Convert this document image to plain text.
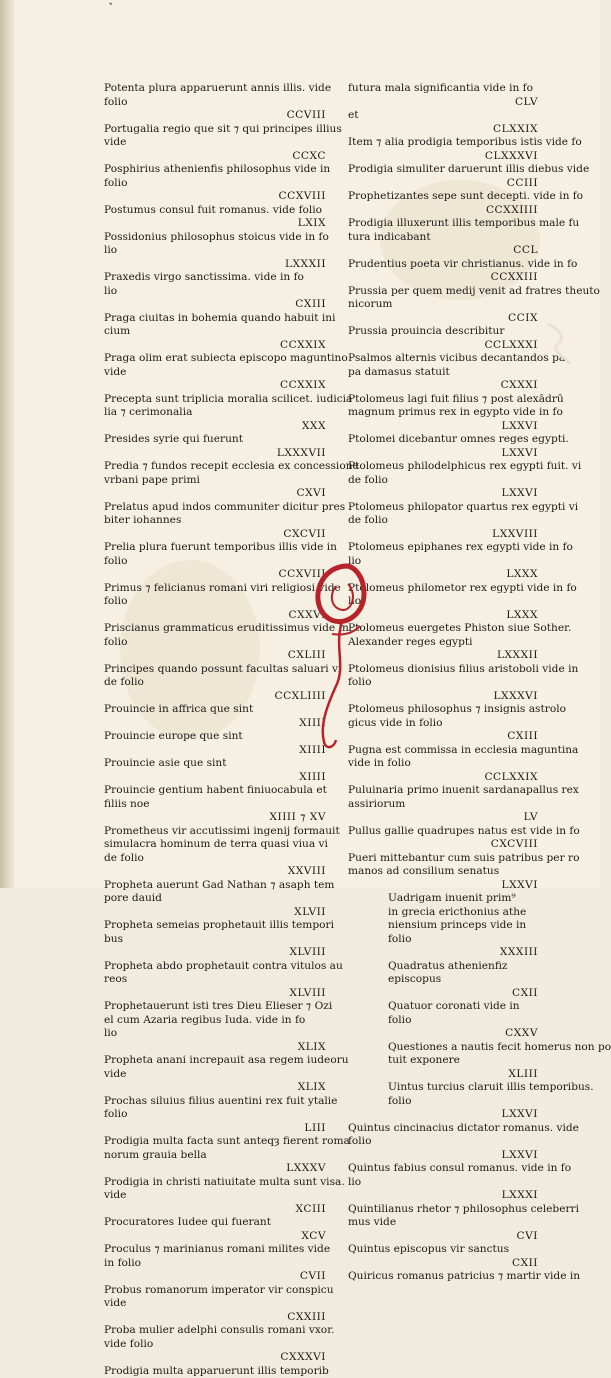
˺
Potenta plura apparuerunt annis illis. vide
folio
CCVIII
Portugalia regio que sit ⁊ qui principes illius
vide
CCXC
Posphirius athenienfis philosophus vide in
folio
CCXVIII
Postumus consul fuit romanus. vide folio
LXIX
Possidonius philosophus stoicus vide in fo
lio
LXXXII
Praxedis virgo sanctissima. vide in fo
lio
CXIII
Praga ciuitas in bohemia quando habuit ini
cium
CCXXIX
Praga olim erat subiecta episcopo maguntino
vide
CCXXIX
Precepta sunt triplicia moralia scilicet. iudicia
lia ⁊ cerimonalia
XXX
Presides syrie qui fuerunt
LXXXVII
Predia ⁊ fundos recepit ecclesia ex concessione
vrbani pape primi
CXVI
Prelatus apud indos communiter dicitur pres
biter iohannes
CXCVII
Prelia plura fuerunt temporibus illis vide in
folio
CCXVIII
Primus ⁊ felicianus romani viri religiosi vide
folio
CXXVI
Priscianus grammaticus eruditissimus vide in
folio
CXLIII
Principes quando possunt facultas saluari vi
de folio
CCXLIIII
Prouincie in affrica que sint
XIIII
Prouincie europe que sint
XIIII
Prouincie asie que sint
XIIII
Prouincie gentium habent finiuocabula et
filiis noe
XIIII ⁊ XV
Prometheus vir accutissimi ingenij formauit
simulacra hominum de terra quasi viua vi
de folio
XXVIII
Propheta auerunt Gad Nathan ⁊ asaph tem
pore dauid
XLVII
Propheta semeias prophetauit illis tempori
bus
XLVIII
Propheta abdo prophetauit contra vitulos au
reos
XLVIII
Prophetauerunt isti tres Dieu Elieser ⁊ Ozi
el cum Azaria regibus Iuda. vide in fo
lio
XLIX
Propheta anani increpauit asa regem iudeoru
vide
XLIX
Prochas siluius filius auentini rex fuit ytalie
folio
LIII
Prodigia multa facta sunt anteqȝ fierent roma
norum grauia bella
LXXXV
Prodigia in christi natiuitate multa sunt visa.
vide
XCIII
Procuratores Iudee qui fuerant
XCV
Proculus ⁊ marinianus romani milites vide
in folio
CVII
Probus romanorum imperator vir conspicu
vide
CXXIII
Proba mulier adelphi consulis romani vxor.
vide folio
CXXXVI
Prodigia multa apparuerunt illis temporib
futura mala significantia vide in fo
CLV
et
CLXXIX
Item ⁊ alia prodigia temporibus istis vide fo
CLXXXVI
Prodigia simuliter daruerunt illis diebus vide
CCIII
Prophetizantes sepe sunt decepti. vide in fo
CCXXIIII
Prodigia illuxerunt illis temporibus male fu
tura indicabant
CCL
Prudentius poeta vir christianus. vide in fo
CCXXIII
Prussia per quem medij venit ad fratres theuto
nicorum
CCIX
Prussia prouincia describitur
CCLXXXI
Psalmos alternis vicibus decantandos pa
pa damasus statuit
CXXXI
Ptolomeus lagi fuit filius ⁊ post alexādrū
magnum primus rex in egypto vide in fo
LXXVI
Ptolomei dicebantur omnes reges egypti.
LXXVI
Ptolomeus philodelphicus rex egypti fuit. vi
de folio
LXXVI
Ptolomeus philopator quartus rex egypti vi
de folio
LXXVIII
Ptolomeus epiphanes rex egypti vide in fo
lio
LXXX
Ptolomeus philometor rex egypti vide in fo
lio
LXXX
Ptolomeus euergetes Phiston siue Sother.
Alexander reges egypti
LXXXII
Ptolomeus dionisius filius aristoboli vide in
folio
LXXXVI
Ptolomeus philosophus ⁊ insignis astrolo
gicus vide in folio
CXIII
Pugna est commissa in ecclesia maguntina
vide in folio
CCLXXIX
Puluinaria primo inuenit sardanapallus rex
assiriorum
LV
Pullus gallie quadrupes natus est vide in fo
CXCVIII
Pueri mittebantur cum suis patribus per ro
manos ad consilium senatus
LXXVI
Uadrigam inuenit prim⁹
in grecia ericthonius athe
niensium princeps vide in
folio
XXXIII
Quadratus athenienfiz
episcopus
CXII
Quatuor coronati vide in
folio
CXXV
Questiones a nautis fecit homerus non po
tuit exponere
XLIII
Uintus turcius claruit illis temporibus.
folio
LXXVI
Quintus cincinacius dictator romanus. vide
folio
LXXVI
Quintus fabius consul romanus. vide in fo
lio
LXXXI
Quintilianus rhetor ⁊ philosophus celeberri
mus vide
CVI
Quintus episcopus vir sanctus
CXII
Quiricus romanus patricius ⁊ martir vide in
